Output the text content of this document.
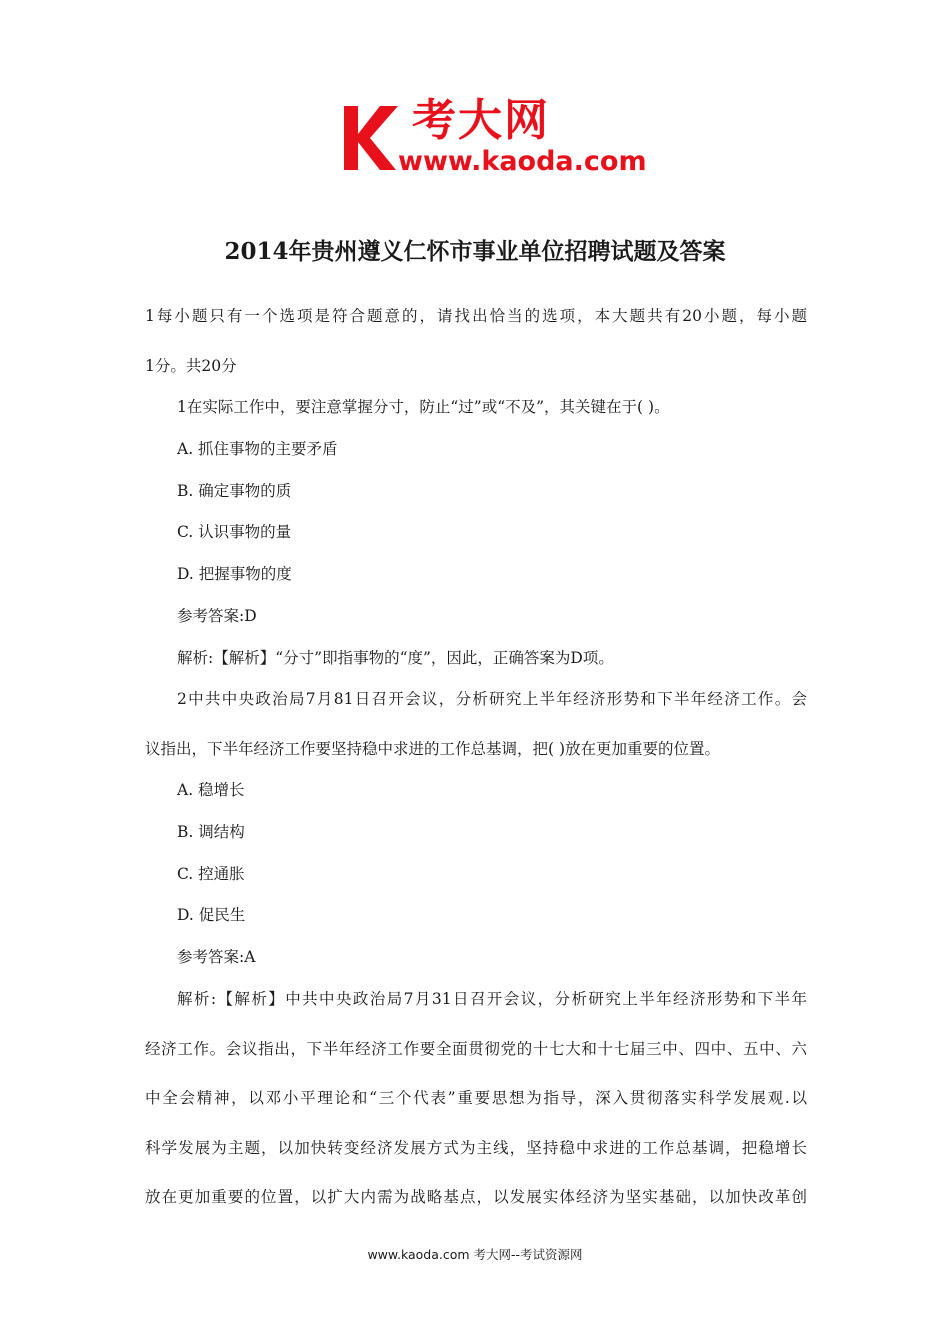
考大网
www.kaoda.com
2014年贵州遵义仁怀市事业单位招聘试题及答案
1每小题只有一个选项是符合题意的，请找出恰当的选项，本大题共有20小题，每小题
1分。共20分
1在实际工作中，要注意掌握分寸，防止“过”或“不及”，其关键在于( )。
A. 抓住事物的主要矛盾
B. 确定事物的质
C. 认识事物的量
D. 把握事物的度
参考答案:D
解析:【解析】“分寸”即指事物的“度”，因此，正确答案为D项。
2中共中央政治局7月81日召开会议，分析研究上半年经济形势和下半年经济工作。会
议指出，下半年经济工作要坚持稳中求进的工作总基调，把( )放在更加重要的位置。
A. 稳增长
B. 调结构
C. 控通胀
D. 促民生
参考答案:A
解析:【解析】中共中央政治局7月31日召开会议，分析研究上半年经济形势和下半年
经济工作。会议指出，下半年经济工作要全面贯彻党的十七大和十七届三中、四中、五中、六
中全会精神，以邓小平理论和“三个代表”重要思想为指导，深入贯彻落实科学发展观.以
科学发展为主题，以加快转变经济发展方式为主线，坚持稳中求进的工作总基调，把稳增长
放在更加重要的位置，以扩大内需为战略基点，以发展实体经济为坚实基础，以加快改革创
www.kaoda.com 考大网--考试资源网
